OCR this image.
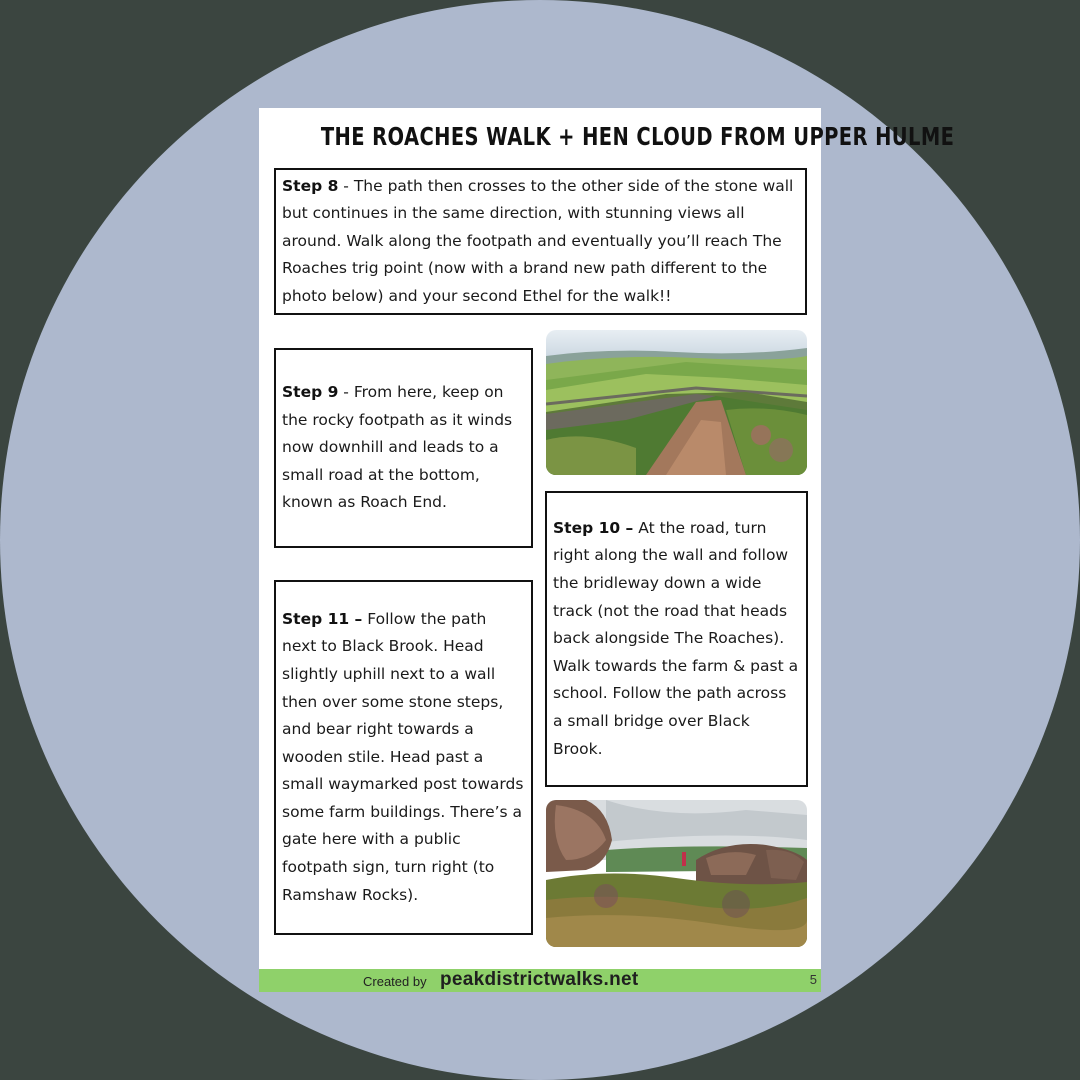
THE ROACHES WALK + HEN CLOUD FROM UPPER HULME

Step 8 - The path then crosses to the other side of the stone wall but continues in the same direction, with stunning views all around. Walk along the footpath and eventually you’ll reach The Roaches trig point (now with a brand new path different to the photo below) and your second Ethel for the walk!!

Step 9 - From here, keep on the rocky footpath as it winds now downhill and leads to a small road at the bottom, known as Roach End.

Step 10 – At the road, turn right along the wall and follow the bridleway down a wide track (not the road that heads back alongside The Roaches). Walk towards the farm & past a school. Follow the path across a small bridge over Black Brook.

Step 11 – Follow the path next to Black Brook. Head slightly uphill next to a wall then over some stone steps, and bear right towards a wooden stile. Head past a small waymarked post towards some farm buildings. There’s a gate here with a public footpath sign, turn right (to Ramshaw Rocks).

Created by peakdistrictwalks.net	5
